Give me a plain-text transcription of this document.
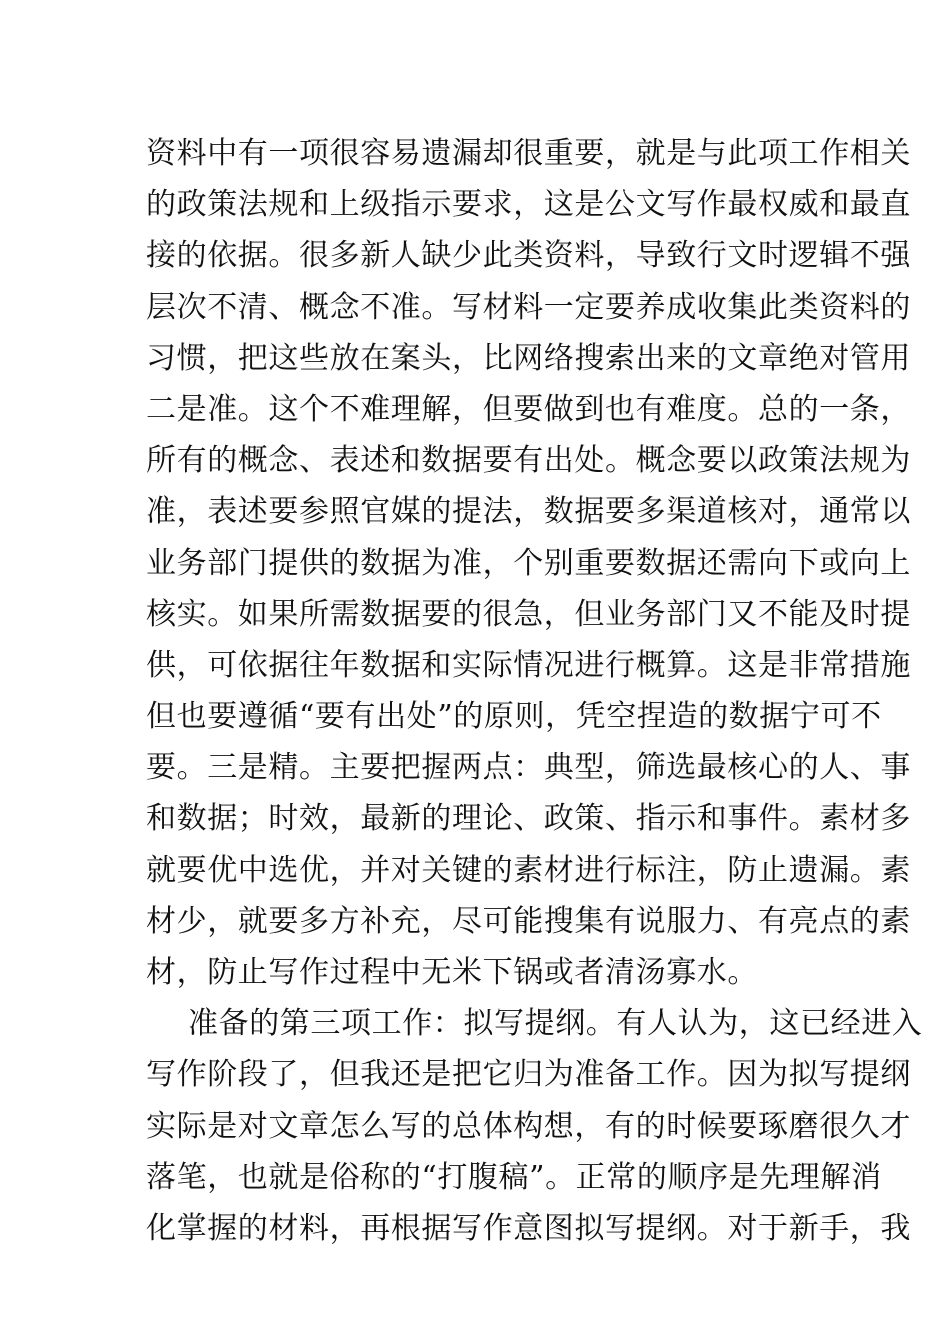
资料中有一项很容易遗漏却很重要，就是与此项工作相关
的政策法规和上级指示要求，这是公文写作最权威和最直
接的依据。很多新人缺少此类资料，导致行文时逻辑不强
层次不清、概念不准。写材料一定要养成收集此类资料的
习惯，把这些放在案头，比网络搜索出来的文章绝对管用
二是准。这个不难理解，但要做到也有难度。总的一条，
所有的概念、表述和数据要有出处。概念要以政策法规为
准，表述要参照官媒的提法，数据要多渠道核对，通常以
业务部门提供的数据为准，个别重要数据还需向下或向上
核实。如果所需数据要的很急，但业务部门又不能及时提
供，可依据往年数据和实际情况进行概算。这是非常措施
但也要遵循“要有出处”的原则，凭空捏造的数据宁可不
要。三是精。主要把握两点：典型，筛选最核心的人、事
和数据；时效，最新的理论、政策、指示和事件。素材多
就要优中选优，并对关键的素材进行标注，防止遗漏。素
材少，就要多方补充，尽可能搜集有说服力、有亮点的素
材，防止写作过程中无米下锅或者清汤寡水。
准备的第三项工作：拟写提纲。有人认为，这已经进入
写作阶段了，但我还是把它归为准备工作。因为拟写提纲
实际是对文章怎么写的总体构想，有的时候要琢磨很久才
落笔，也就是俗称的“打腹稿”。正常的顺序是先理解消
化掌握的材料，再根据写作意图拟写提纲。对于新手，我
